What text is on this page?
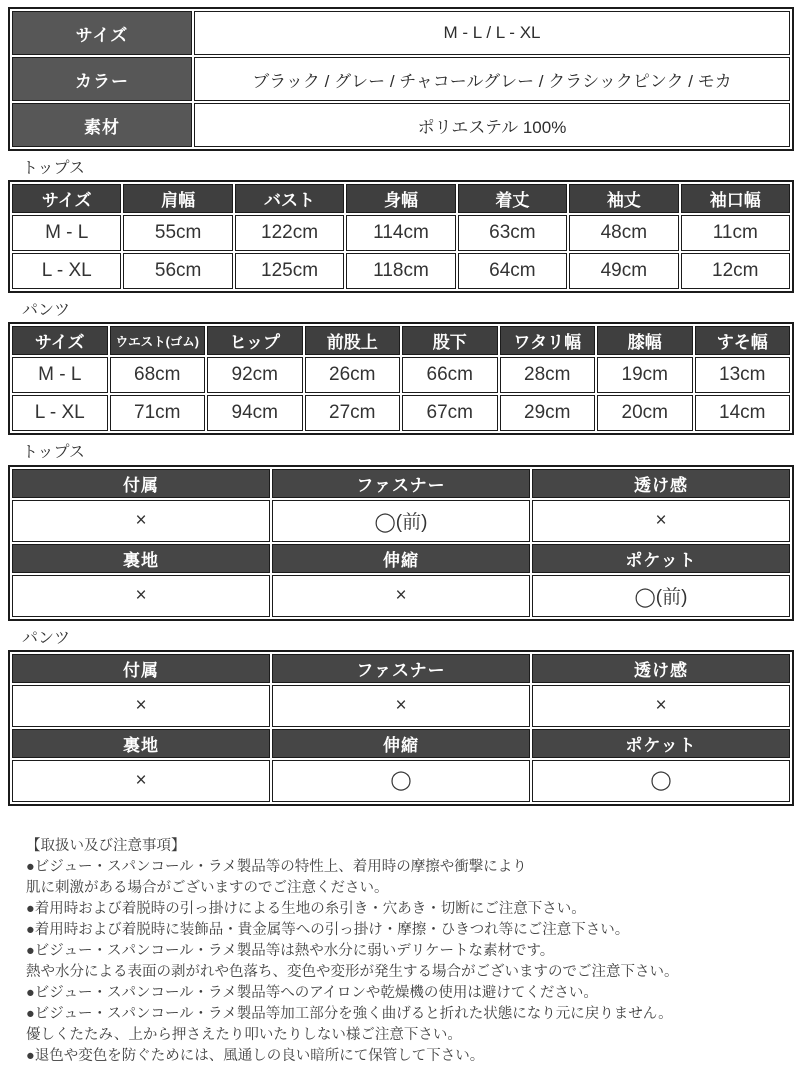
サイズ	M - L / L - XL
カラー	ブラック / グレー / チャコールグレー / クラシックピンク / モカ
素材	ポリエステル 100%
トップス
サイズ	肩幅	バスト	身幅	着丈	袖丈	袖口幅
M - L	55cm	122cm	114cm	63cm	48cm	11cm
L - XL	56cm	125cm	118cm	64cm	49cm	12cm
パンツ
サイズ	ウエスト(ゴム)	ヒップ	前股上	股下	ワタリ幅	膝幅	すそ幅
M - L	68cm	92cm	26cm	66cm	28cm	19cm	13cm
L - XL	71cm	94cm	27cm	67cm	29cm	20cm	14cm
トップス
付属	ファスナー	透け感
×	◯(前)	×
裏地	伸縮	ポケット
×	×	◯(前)
パンツ
付属	ファスナー	透け感
×	×	×
裏地	伸縮	ポケット
×	◯	◯
【取扱い及び注意事項】
●ビジュー・スパンコール・ラメ製品等の特性上、着用時の摩擦や衝撃により
肌に刺激がある場合がございますのでご注意ください。
●着用時および着脱時の引っ掛けによる生地の糸引き・穴あき・切断にご注意下さい。
●着用時および着脱時に装飾品・貴金属等への引っ掛け・摩擦・ひきつれ等にご注意下さい。
●ビジュー・スパンコール・ラメ製品等は熱や水分に弱いデリケートな素材です。
熱や水分による表面の剥がれや色落ち、変色や変形が発生する場合がございますのでご注意下さい。
●ビジュー・スパンコール・ラメ製品等へのアイロンや乾燥機の使用は避けてください。
●ビジュー・スパンコール・ラメ製品等加工部分を強く曲げると折れた状態になり元に戻りません。
優しくたたみ、上から押さえたり叩いたりしない様ご注意下さい。
●退色や変色を防ぐためには、風通しの良い暗所にて保管して下さい。
